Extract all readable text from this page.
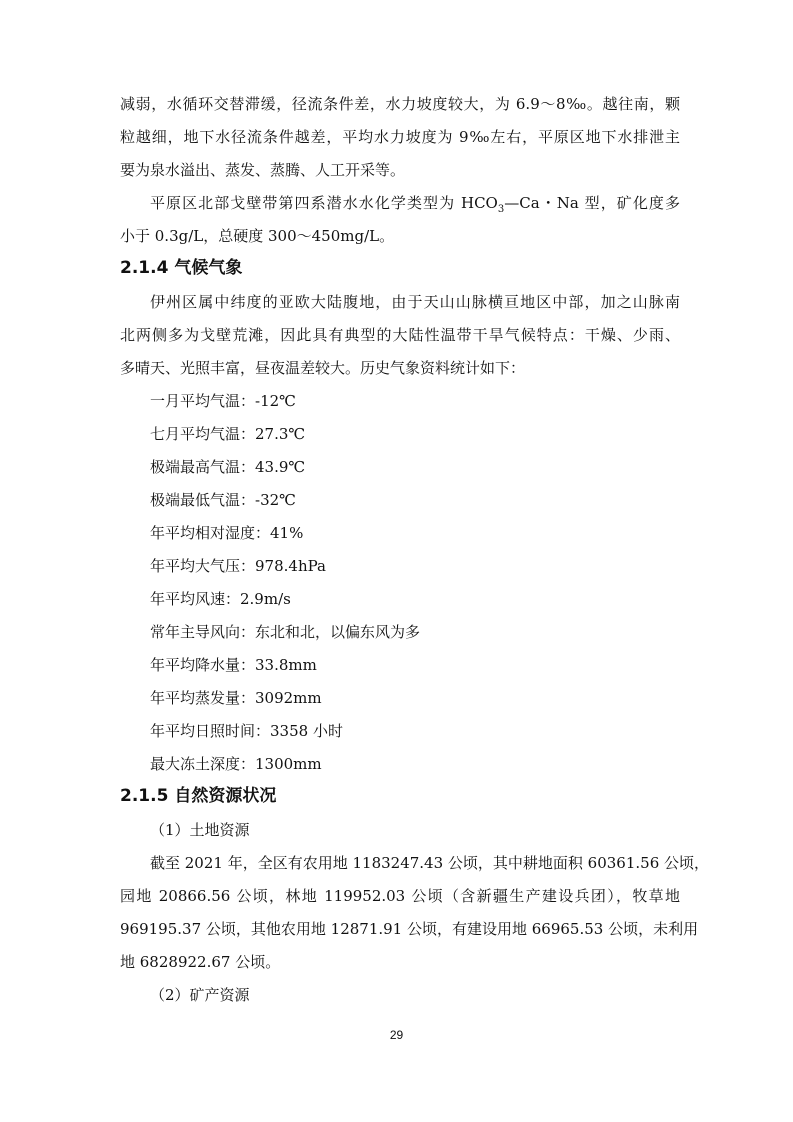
减弱，水循环交替滞缓，径流条件差，水力坡度较大，为 6.9～8‰。越往南，颗
粒越细，地下水径流条件越差，平均水力坡度为 9‰左右，平原区地下水排泄主
要为泉水溢出、蒸发、蒸腾、人工开采等。
平原区北部戈壁带第四系潜水水化学类型为 $HCO_3—Ca$・Na 型，矿化度多
小于 0.3g/L，总硬度 300～450mg/L。
2.1.4 气候气象
伊州区属中纬度的亚欧大陆腹地，由于天山山脉横亘地区中部，加之山脉南
北两侧多为戈壁荒滩，因此具有典型的大陆性温带干旱气候特点：干燥、少雨、
多晴天、光照丰富，昼夜温差较大。历史气象资料统计如下：
一月平均气温：-12℃
七月平均气温：27.3℃
极端最高气温：43.9℃
极端最低气温：-32℃
年平均相对湿度：41%
年平均大气压：978.4hPa
年平均风速：2.9m/s
常年主导风向：东北和北，以偏东风为多
年平均降水量：33.8mm
年平均蒸发量：3092mm
年平均日照时间：3358 小时
最大冻土深度：1300mm
2.1.5 自然资源状况
（1）土地资源
截至 2021 年，全区有农用地 1183247.43 公顷，其中耕地面积 60361.56 公顷，
园地 20866.56 公顷，林地 119952.03 公顷（含新疆生产建设兵团），牧草地
969195.37 公顷，其他农用地 12871.91 公顷，有建设用地 66965.53 公顷，未利用
地 6828922.67 公顷。
（2）矿产资源
29
